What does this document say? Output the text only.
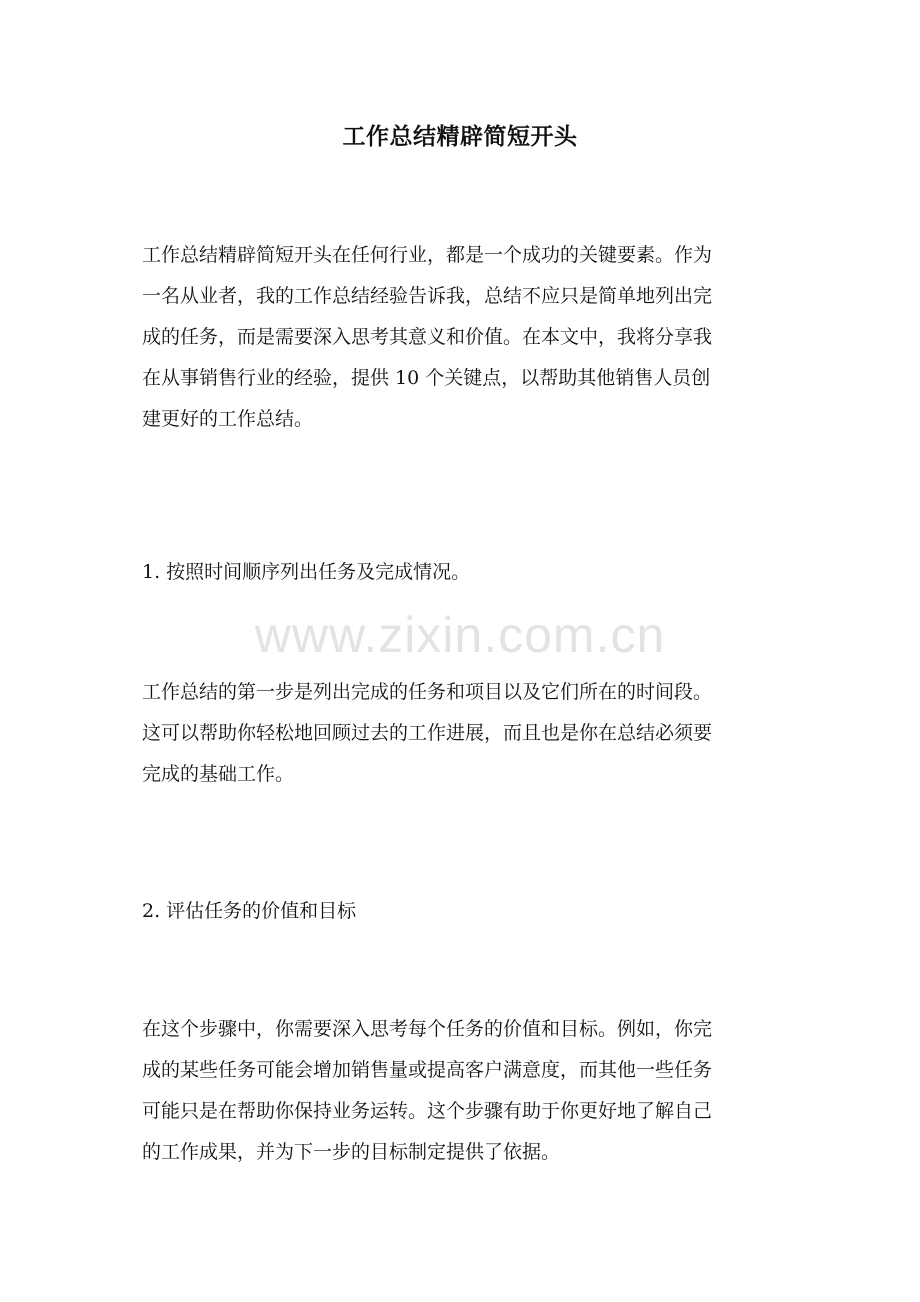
工作总结精辟简短开头
工作总结精辟简短开头在任何行业，都是一个成功的关键要素。作为
一名从业者，我的工作总结经验告诉我，总结不应只是简单地列出完
成的任务，而是需要深入思考其意义和价值。在本文中，我将分享我
在从事销售行业的经验，提供 10 个关键点，以帮助其他销售人员创
建更好的工作总结。
1. 按照时间顺序列出任务及完成情况。
www.zixin.com.cn
工作总结的第一步是列出完成的任务和项目以及它们所在的时间段。
这可以帮助你轻松地回顾过去的工作进展，而且也是你在总结必须要
完成的基础工作。
2. 评估任务的价值和目标
在这个步骤中，你需要深入思考每个任务的价值和目标。例如，你完
成的某些任务可能会增加销售量或提高客户满意度，而其他一些任务
可能只是在帮助你保持业务运转。这个步骤有助于你更好地了解自己
的工作成果，并为下一步的目标制定提供了依据。
